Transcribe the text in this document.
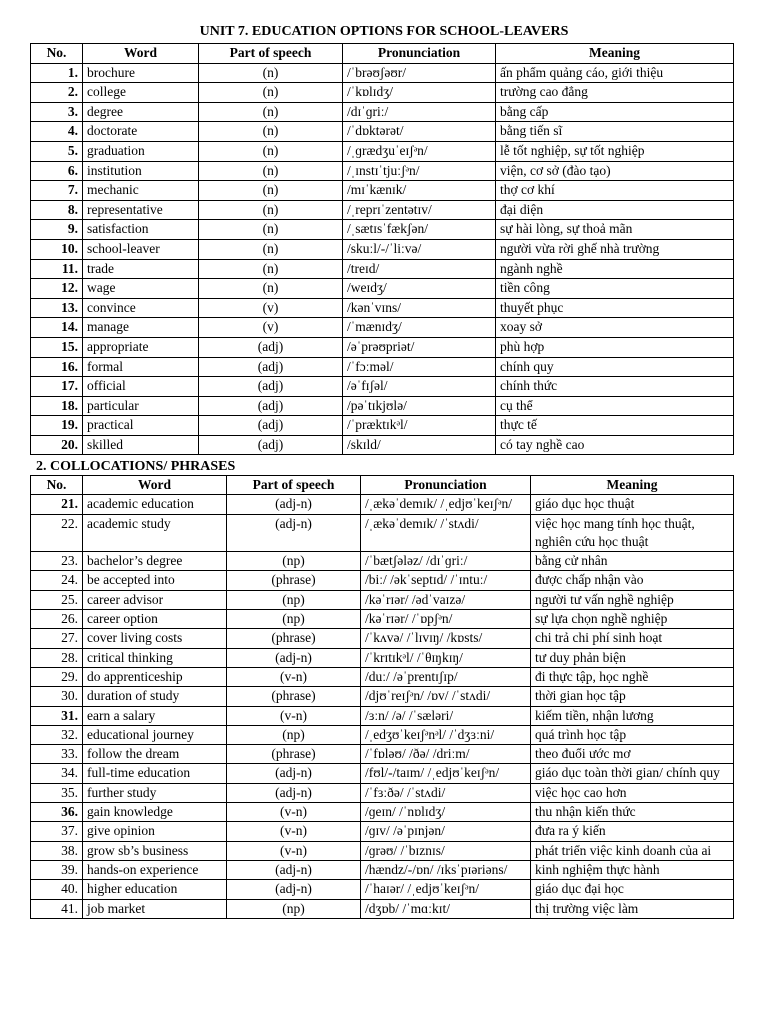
UNIT 7. EDUCATION OPTIONS FOR SCHOOL-LEAVERS
No.	Word	Part of speech	Pronunciation	Meaning
1.	brochure	(n)	/ˈbrəʊʃəʊr/	ấn phẩm quảng cáo, giới thiệu
2.	college	(n)	/ˈkɒlɪdʒ/	trường cao đẳng
3.	degree	(n)	/dɪˈɡriː/	bằng cấp
4.	doctorate	(n)	/ˈdɒktərət/	bằng tiến sĩ
5.	graduation	(n)	/ˌɡrædʒuˈeɪʃᵊn/	lễ tốt nghiệp, sự tốt nghiệp
6.	institution	(n)	/ˌɪnstɪˈtjuːʃᵊn/	viện, cơ sở (đào tạo)
7.	mechanic	(n)	/mɪˈkænɪk/	thợ cơ khí
8.	representative	(n)	/ˌreprɪˈzentətɪv/	đại diện
9.	satisfaction	(n)	/ˌsætɪsˈfækʃən/	sự hài lòng, sự thoả mãn
10.	school-leaver	(n)	/skuːl/-/ˈliːvə/	người vừa rời ghế nhà trường
11.	trade	(n)	/treɪd/	ngành nghề
12.	wage	(n)	/weɪdʒ/	tiền công
13.	convince	(v)	/kənˈvɪns/	thuyết phục
14.	manage	(v)	/ˈmænɪdʒ/	xoay sở
15.	appropriate	(adj)	/əˈprəʊpriət/	phù hợp
16.	formal	(adj)	/ˈfɔːməl/	chính quy
17.	official	(adj)	/əˈfɪʃəl/	chính thức
18.	particular	(adj)	/pəˈtɪkjʊlə/	cụ thể
19.	practical	(adj)	/ˈpræktɪkᵊl/	thực tế
20.	skilled	(adj)	/skɪld/	có tay nghề cao
2. COLLOCATIONS/ PHRASES
No.	Word	Part of speech	Pronunciation	Meaning
21.	academic education	(adj-n)	/ˌækəˈdemɪk/ /ˌedjʊˈkeɪʃᵊn/	giáo dục học thuật
22.	academic study	(adj-n)	/ˌækəˈdemɪk/ /ˈstʌdi/	việc học mang tính học thuật, nghiên cứu học thuật
23.	bachelor’s degree	(np)	/ˈbætʃələz/ /dɪˈɡriː/	bằng cử nhân
24.	be accepted into	(phrase)	/biː/ /əkˈseptɪd/ /ˈɪntuː/	được chấp nhận vào
25.	career advisor	(np)	/kəˈrɪər/ /ədˈvaɪzə/	người tư vấn nghề nghiệp
26.	career option	(np)	/kəˈrɪər/ /ˈɒpʃᵊn/	sự lựa chọn nghề nghiệp
27.	cover living costs	(phrase)	/ˈkʌvə/ /ˈlɪvɪŋ/ /kɒsts/	chi trả chi phí sinh hoạt
28.	critical thinking	(adj-n)	/ˈkrɪtɪkᵊl/ /ˈθɪŋkɪŋ/	tư duy phản biện
29.	do apprenticeship	(v-n)	/duː/ /əˈprentɪʃɪp/	đi thực tập, học nghề
30.	duration of study	(phrase)	/djʊˈreɪʃᵊn/ /ɒv/ /ˈstʌdi/	thời gian học tập
31.	earn a salary	(v-n)	/ɜːn/ /ə/ /ˈsæləri/	kiếm tiền, nhận lương
32.	educational journey	(np)	/ˌedʒʊˈkeɪʃᵊnᵊl/ /ˈdʒɜːni/	quá trình học tập
33.	follow the dream	(phrase)	/ˈfɒləʊ/ /ðə/ /driːm/	theo đuổi ước mơ
34.	full-time education	(adj-n)	/fʊl/-/taɪm/ /ˌedjʊˈkeɪʃᵊn/	giáo dục toàn thời gian/ chính quy
35.	further study	(adj-n)	/ˈfɜːðə/ /ˈstʌdi/	việc học cao hơn
36.	gain knowledge	(v-n)	/ɡeɪn/ /ˈnɒlɪdʒ/	thu nhận kiến thức
37.	give opinion	(v-n)	/ɡɪv/ /əˈpɪnjən/	đưa ra ý kiến
38.	grow sb’s business	(v-n)	/ɡrəʊ/ /ˈbɪznɪs/	phát triển việc kinh doanh của ai
39.	hands-on experience	(adj-n)	/hændz/-/ɒn/ /ɪksˈpɪəriəns/	kinh nghiệm thực hành
40.	higher education	(adj-n)	/ˈhaɪər/ /ˌedjʊˈkeɪʃᵊn/	giáo dục đại học
41.	job market	(np)	/dʒɒb/ /ˈmɑːkɪt/	thị trường việc làm
